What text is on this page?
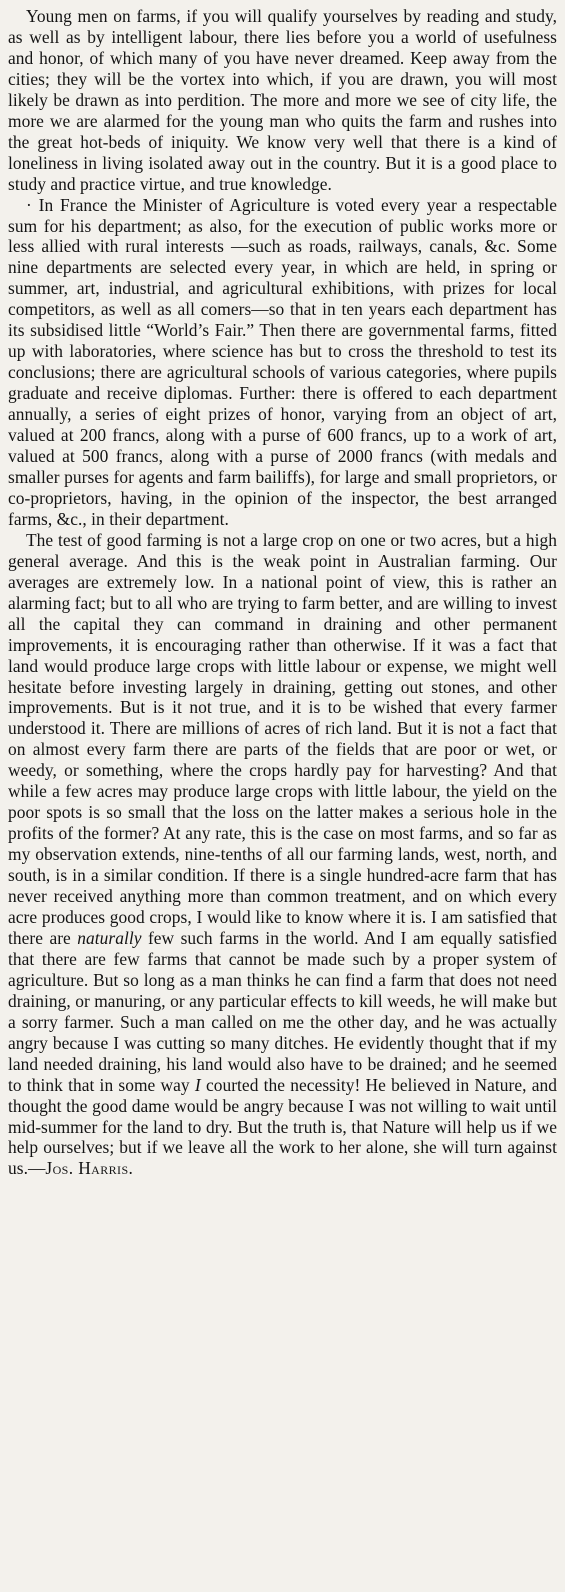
Young men on farms, if you will qualify yourselves by reading and study, as well as by intelligent labour, there lies before you a world of usefulness and honor, of which many of you have never dreamed. Keep away from the cities; they will be the vortex into which, if you are drawn, you will most likely be drawn as into perdition. The more and more we see of city life, the more we are alarmed for the young man who quits the farm and rushes into the great hot-beds of iniquity. We know very well that there is a kind of loneliness in living isolated away out in the country. But it is a good place to study and practice virtue, and true knowledge.

· In France the Minister of Agriculture is voted every year a respectable sum for his department; as also, for the execution of public works more or less allied with rural interests —such as roads, railways, canals, &c. Some nine departments are selected every year, in which are held, in spring or summer, art, industrial, and agricultural exhibitions, with prizes for local competitors, as well as all comers—so that in ten years each department has its subsidised little “World’s Fair.” Then there are governmental farms, fitted up with laboratories, where science has but to cross the threshold to test its conclusions; there are agricultural schools of various categories, where pupils graduate and receive diplomas. Further: there is offered to each department annually, a series of eight prizes of honor, varying from an object of art, valued at 200 francs, along with a purse of 600 francs, up to a work of art, valued at 500 francs, along with a purse of 2000 francs (with medals and smaller purses for agents and farm bailiffs), for large and small proprietors, or co-proprietors, having, in the opinion of the inspector, the best arranged farms, &c., in their department.

The test of good farming is not a large crop on one or two acres, but a high general average. And this is the weak point in Australian farming. Our averages are extremely low. In a national point of view, this is rather an alarming fact; but to all who are trying to farm better, and are willing to invest all the capital they can command in draining and other permanent improvements, it is encouraging rather than otherwise. If it was a fact that land would produce large crops with little labour or expense, we might well hesitate before investing largely in draining, getting out stones, and other improvements. But is it not true, and it is to be wished that every farmer understood it. There are millions of acres of rich land. But it is not a fact that on almost every farm there are parts of the fields that are poor or wet, or weedy, or something, where the crops hardly pay for harvesting? And that while a few acres may produce large crops with little labour, the yield on the poor spots is so small that the loss on the latter makes a serious hole in the profits of the former? At any rate, this is the case on most farms, and so far as my observation extends, nine-tenths of all our farming lands, west, north, and south, is in a similar condition. If there is a single hundred-acre farm that has never received anything more than common treatment, and on which every acre produces good crops, I would like to know where it is. I am satisfied that there are naturally few such farms in the world. And I am equally satisfied that there are few farms that cannot be made such by a proper system of agriculture. But so long as a man thinks he can find a farm that does not need draining, or manuring, or any particular effects to kill weeds, he will make but a sorry farmer. Such a man called on me the other day, and he was actually angry because I was cutting so many ditches. He evidently thought that if my land needed draining, his land would also have to be drained; and he seemed to think that in some way I courted the necessity! He believed in Nature, and thought the good dame would be angry because I was not willing to wait until mid-summer for the land to dry. But the truth is, that Nature will help us if we help ourselves; but if we leave all the work to her alone, she will turn against us.—Jos. Harris.
